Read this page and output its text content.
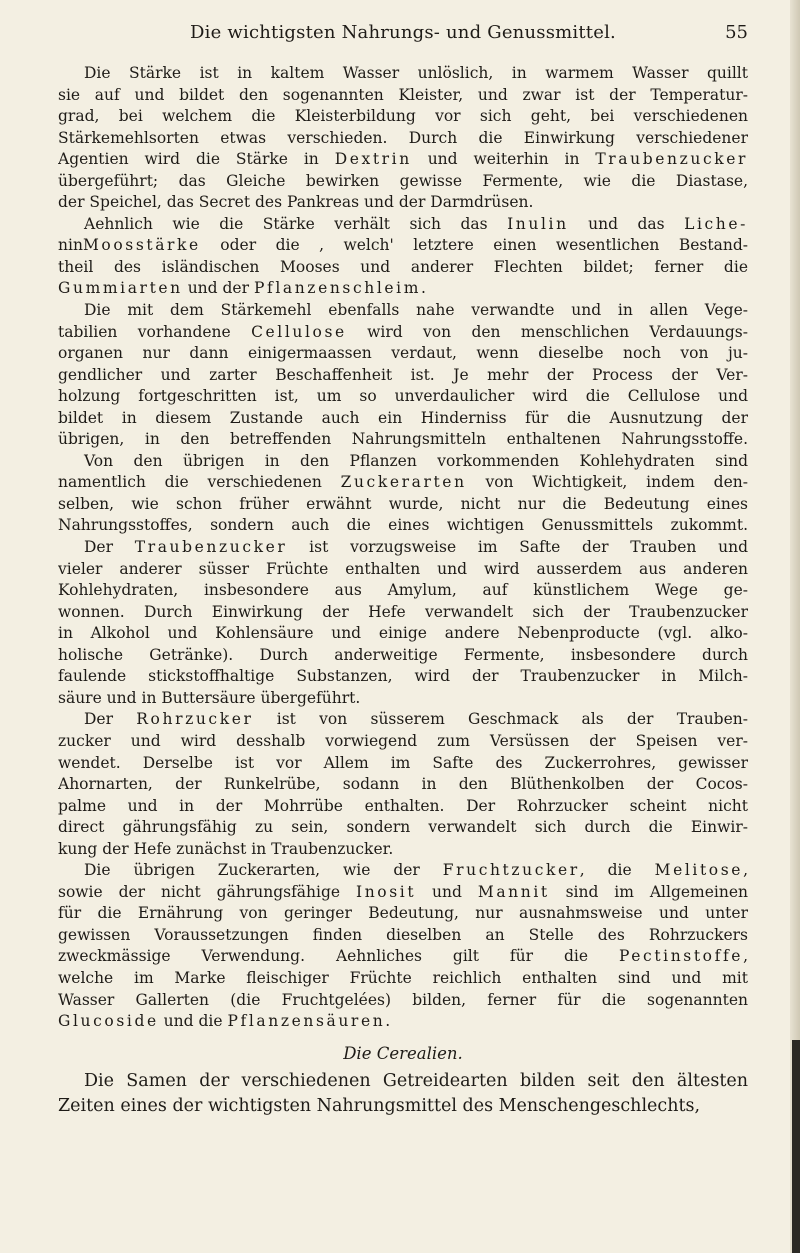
Die wichtigsten Nahrungs- und Genussmittel.	55
Die Stärke ist in kaltem Wasser unlöslich, in warmem Wasser quillt
sie auf und bildet den sogenannten Kleister, und zwar ist der Temperatur-
grad, bei welchem die Kleisterbildung vor sich geht, bei verschiedenen
Stärkemehlsorten etwas verschieden. Durch die Einwirkung verschiedener
Agentien wird die Stärke in Dextrin und weiterhin in Traubenzucker
übergeführt; das Gleiche bewirken gewisse Fermente, wie die Diastase,
der Speichel, das Secret des Pankreas und der Darmdrüsen.
Aehnlich wie die Stärke verhält sich das Inulin und das Liche-
ninMoosstärke oder die , welch' letztere einen wesentlichen Bestand-
theil des isländischen Mooses und anderer Flechten bildet; ferner die
Gummiarten und der Pflanzenschleim.
Die mit dem Stärkemehl ebenfalls nahe verwandte und in allen Vege-
tabilien vorhandene Cellulose wird von den menschlichen Verdauungs-
organen nur dann einigermaassen verdaut, wenn dieselbe noch von ju-
gendlicher und zarter Beschaffenheit ist. Je mehr der Process der Ver-
holzung fortgeschritten ist, um so unverdaulicher wird die Cellulose und
bildet in diesem Zustande auch ein Hinderniss für die Ausnutzung der
übrigen, in den betreffenden Nahrungsmitteln enthaltenen Nahrungsstoffe.
Von den übrigen in den Pflanzen vorkommenden Kohlehydraten sind
namentlich die verschiedenen Zuckerarten von Wichtigkeit, indem den-
selben, wie schon früher erwähnt wurde, nicht nur die Bedeutung eines
Nahrungsstoffes, sondern auch die eines wichtigen Genussmittels zukommt.
Der Traubenzucker ist vorzugsweise im Safte der Trauben und
vieler anderer süsser Früchte enthalten und wird ausserdem aus anderen
Kohlehydraten, insbesondere aus Amylum, auf künstlichem Wege ge-
wonnen. Durch Einwirkung der Hefe verwandelt sich der Traubenzucker
in Alkohol und Kohlensäure und einige andere Nebenproducte (vgl. alko-
holische Getränke). Durch anderweitige Fermente, insbesondere durch
faulende stickstoffhaltige Substanzen, wird der Traubenzucker in Milch-
säure und in Buttersäure übergeführt.
Der Rohrzucker ist von süsserem Geschmack als der Trauben-
zucker und wird desshalb vorwiegend zum Versüssen der Speisen ver-
wendet. Derselbe ist vor Allem im Safte des Zuckerrohres, gewisser
Ahornarten, der Runkelrübe, sodann in den Blüthenkolben der Cocos-
palme und in der Mohrrübe enthalten. Der Rohrzucker scheint nicht
direct gährungsfähig zu sein, sondern verwandelt sich durch die Einwir-
kung der Hefe zunächst in Traubenzucker.
Die übrigen Zuckerarten, wie der Fruchtzucker, die Melitose,
sowie der nicht gährungsfähige Inosit und Mannit sind im Allgemeinen
für die Ernährung von geringer Bedeutung, nur ausnahmsweise und unter
gewissen Voraussetzungen finden dieselben an Stelle des Rohrzuckers
zweckmässige Verwendung. Aehnliches gilt für die Pectinstoffe,
welche im Marke fleischiger Früchte reichlich enthalten sind und mit
Wasser Gallerten (die Fruchtgelées) bilden, ferner für die sogenannten
Glucoside und die Pflanzensäuren.
Die Cerealien.
Die Samen der verschiedenen Getreidearten bilden seit den ältesten
Zeiten eines der wichtigsten Nahrungsmittel des Menschengeschlechts,
